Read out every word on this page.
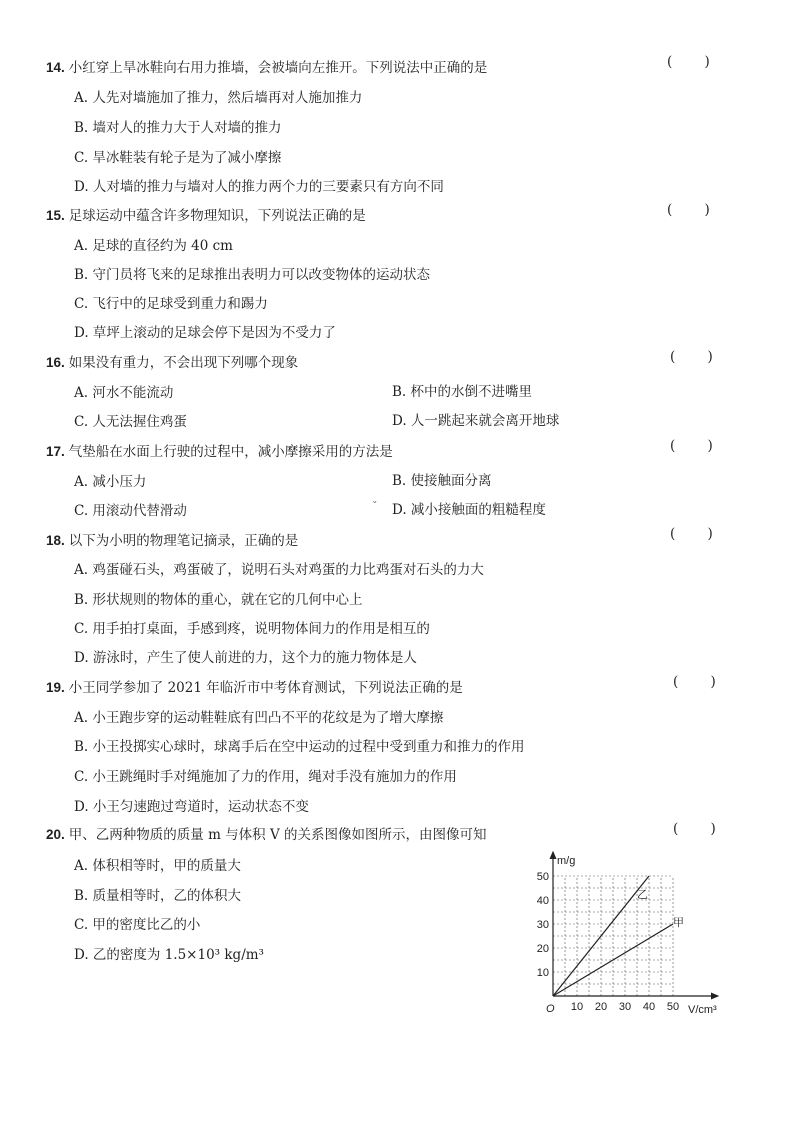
14. 小红穿上旱冰鞋向右用力推墙，会被墙向左推开。下列说法中正确的是	( )
A. 人先对墙施加了推力，然后墙再对人施加推力
B. 墙对人的推力大于人对墙的推力
C. 旱冰鞋装有轮子是为了减小摩擦
D. 人对墙的推力与墙对人的推力两个力的三要素只有方向不同
15. 足球运动中蕴含许多物理知识，下列说法正确的是	( )
A. 足球的直径约为 40 cm
B. 守门员将飞来的足球推出表明力可以改变物体的运动状态
C. 飞行中的足球受到重力和踢力
D. 草坪上滚动的足球会停下是因为不受力了
16. 如果没有重力，不会出现下列哪个现象	( )
A. 河水不能流动	B. 杯中的水倒不进嘴里
C. 人无法握住鸡蛋	D. 人一跳起来就会离开地球
17. 气垫船在水面上行驶的过程中，减小摩擦采用的方法是	( )
A. 减小压力	B. 使接触面分离
C. 用滚动代替滑动	ˇ D. 减小接触面的粗糙程度
18. 以下为小明的物理笔记摘录，正确的是	( )
A. 鸡蛋碰石头，鸡蛋破了，说明石头对鸡蛋的力比鸡蛋对石头的力大
B. 形状规则的物体的重心，就在它的几何中心上
C. 用手拍打桌面，手感到疼，说明物体间力的作用是相互的
D. 游泳时，产生了使人前进的力，这个力的施力物体是人
19. 小王同学参加了 2021 年临沂市中考体育测试，下列说法正确的是	( )
A. 小王跑步穿的运动鞋鞋底有凹凸不平的花纹是为了增大摩擦
B. 小王投掷实心球时，球离手后在空中运动的过程中受到重力和推力的作用
C. 小王跳绳时手对绳施加了力的作用，绳对手没有施加力的作用
D. 小王匀速跑过弯道时，运动状态不变
20. 甲、乙两种物质的质量 m 与体积 V 的关系图像如图所示，由图像可知	( )
A. 体积相等时，甲的质量大
B. 质量相等时，乙的体积大
C. 甲的密度比乙的小
D. 乙的密度为 1.5×10³ kg/m³
10
20
30
40
50
10 20 30 40 50
乙
甲
m/g
V/cm³
O
